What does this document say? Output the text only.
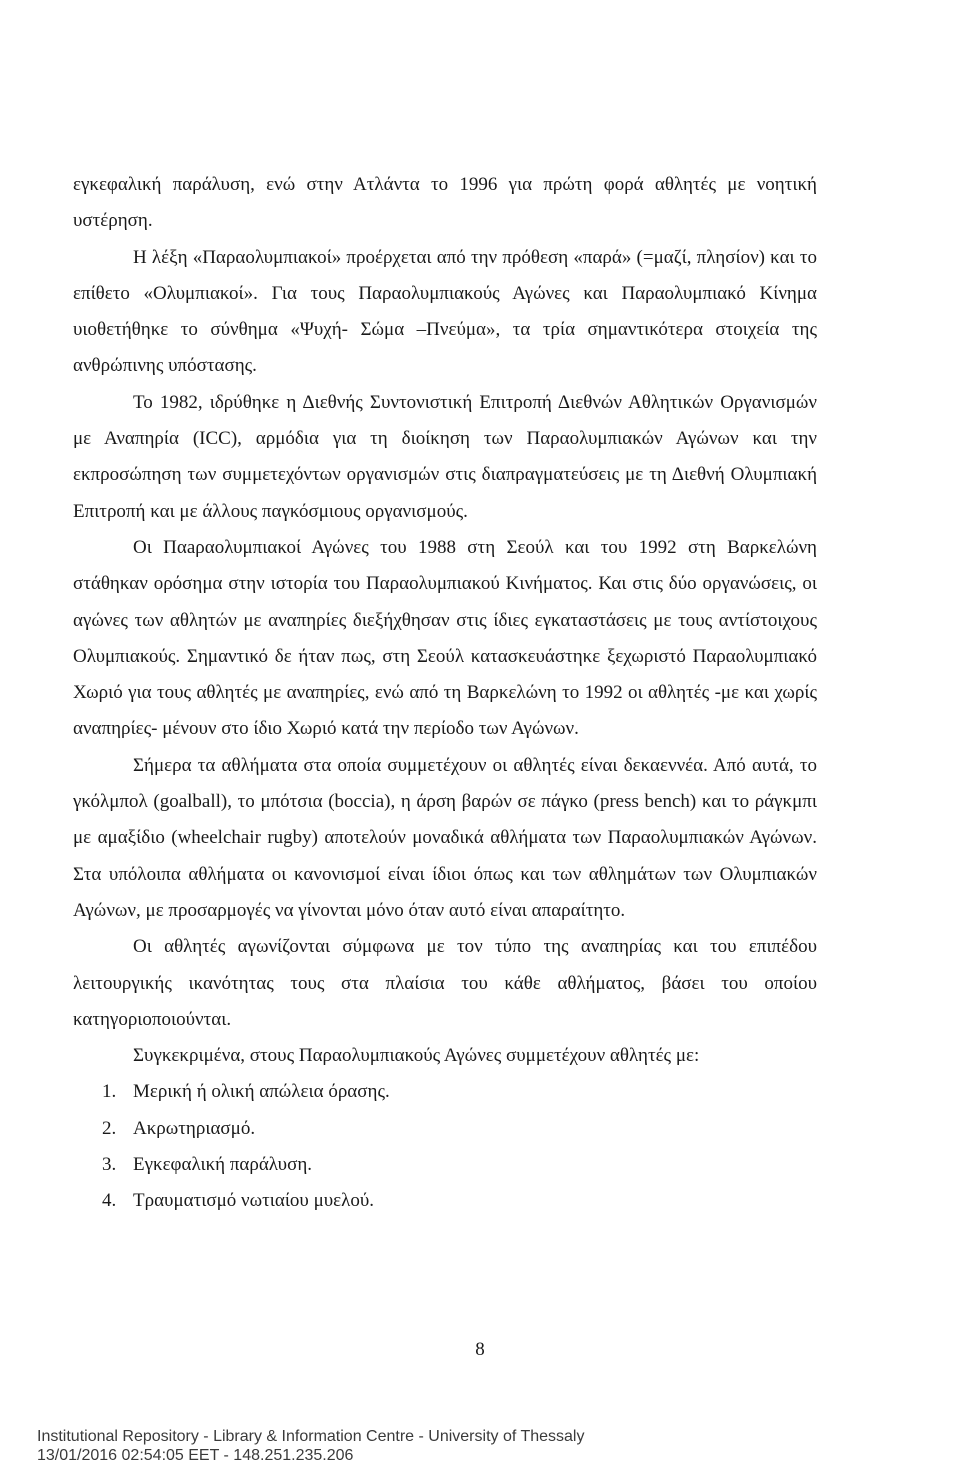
εγκεφαλική παράλυση, ενώ στην Ατλάντα το 1996 για πρώτη φορά αθλητές με νοητική υστέρηση.

Η λέξη «Παραολυμπιακοί» προέρχεται από την πρόθεση «παρά» (=μαζί, πλησίον) και το επίθετο «Ολυμπιακοί». Για τους Παραολυμπιακούς Αγώνες και Παραολυμπιακό Κίνημα υιοθετήθηκε το σύνθημα «Ψυχή- Σώμα –Πνεύμα», τα τρία σημαντικότερα στοιχεία της ανθρώπινης υπόστασης.

Το 1982, ιδρύθηκε η Διεθνής Συντονιστική Επιτροπή Διεθνών Αθλητικών Οργανισμών με Αναπηρία (ICC), αρμόδια για τη διοίκηση των Παραολυμπιακών Αγώνων και την εκπροσώπηση των συμμετεχόντων οργανισμών στις διαπραγματεύσεις με τη Διεθνή Ολυμπιακή Επιτροπή και με άλλους παγκόσμιους οργανισμούς.

Οι Παaραολυμπιακοί Αγώνες του 1988 στη Σεούλ και του 1992 στη Βαρκελώνη στάθηκαν ορόσημα στην ιστορία του Παραολυμπιακού Κινήματος. Και στις δύο οργανώσεις, οι αγώνες των αθλητών με αναπηρίες διεξήχθησαν στις ίδιες εγκαταστάσεις με τους αντίστοιχους Ολυμπιακούς. Σημαντικό δε ήταν πως, στη Σεούλ κατασκευάστηκε ξεχωριστό Παραολυμπιακό Χωριό για τους αθλητές με αναπηρίες, ενώ από τη Βαρκελώνη το 1992 οι αθλητές -με και χωρίς αναπηρίες- μένουν στο ίδιο Χωριό κατά την περίοδο των Αγώνων.

Σήμερα τα αθλήματα στα οποία συμμετέχουν οι αθλητές είναι δεκαεννέα. Από αυτά, το γκόλμπολ (goalball), το μπότσια (boccia), η άρση βαρών σε πάγκο (press bench) και το ράγκμπι με αμαξίδιο (wheelchair rugby) αποτελούν μοναδικά αθλήματα των Παραολυμπιακών Αγώνων. Στα υπόλοιπα αθλήματα οι κανονισμοί είναι ίδιοι όπως και των αθλημάτων των Ολυμπιακών Αγώνων, με προσαρμογές να γίνονται μόνο όταν αυτό είναι απαραίτητο.

Οι αθλητές αγωνίζονται σύμφωνα με τον τύπο της αναπηρίας και του επιπέδου λειτουργικής ικανότητας τους στα πλαίσια του κάθε αθλήματος, βάσει του οποίου κατηγοριοποιούνται.

Συγκεκριμένα, στους Παραολυμπιακούς Αγώνες συμμετέχουν αθλητές με:

1. Μερική ή ολική απώλεια όρασης.
2. Ακρωτηριασμό.
3. Εγκεφαλική παράλυση.
4. Τραυματισμό νωτιαίου μυελού.
8
Institutional Repository - Library & Information Centre - University of Thessaly
13/01/2016 02:54:05 EET - 148.251.235.206
